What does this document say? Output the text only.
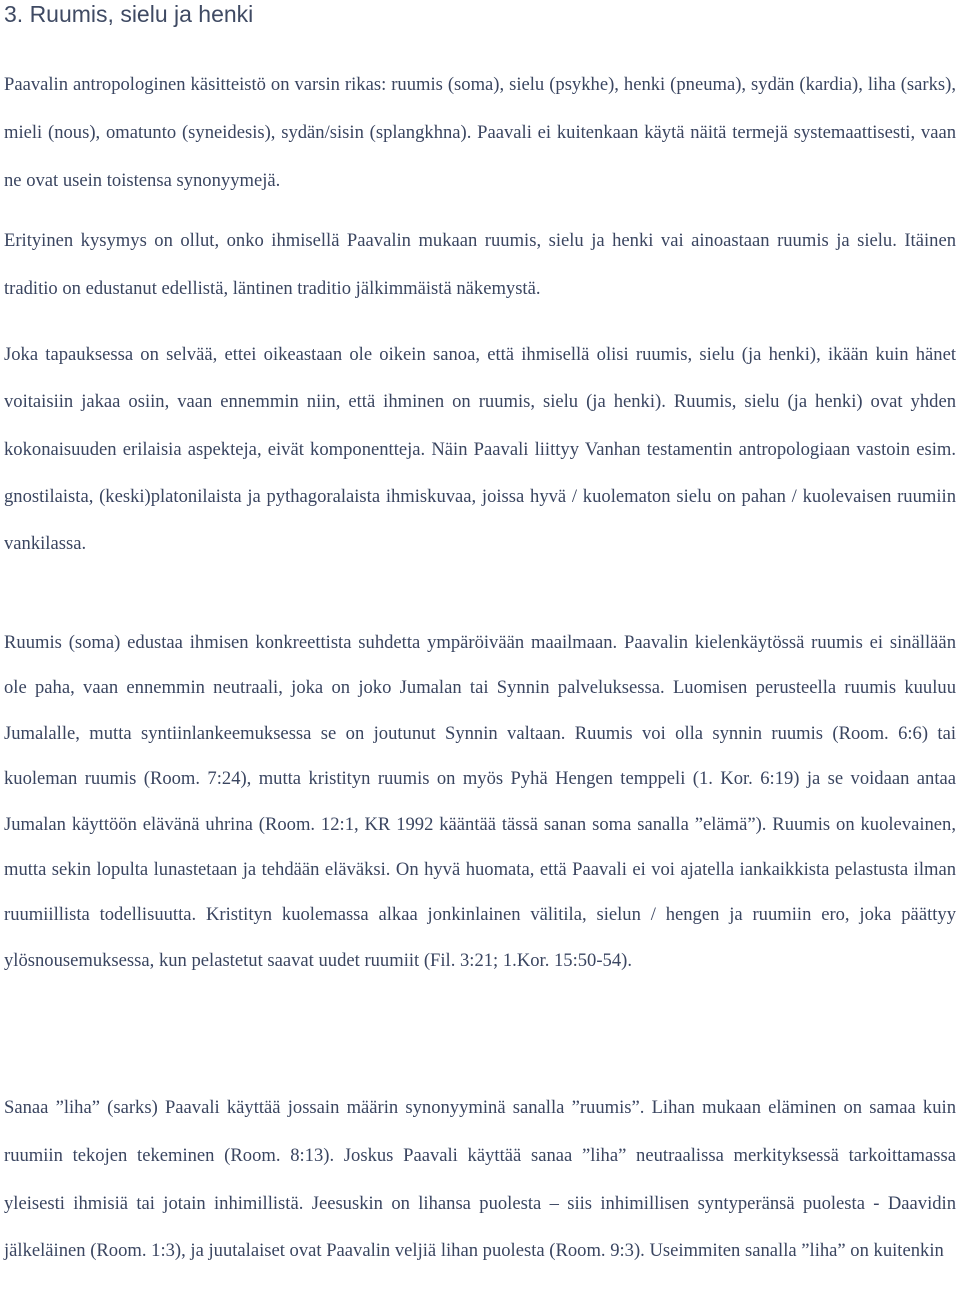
3. Ruumis, sielu ja henki

Paavalin antropologinen käsitteistö on varsin rikas: ruumis (soma), sielu (psykhe), henki (pneuma), sydän (kardia), liha (sarks), mieli (nous), omatunto (syneidesis), sydän/sisin (splangkhna). Paavali ei kuitenkaan käytä näitä termejä systemaattisesti, vaan ne ovat usein toistensa synonyymejä.

Erityinen kysymys on ollut, onko ihmisellä Paavalin mukaan ruumis, sielu ja henki vai ainoastaan ruumis ja sielu. Itäinen traditio on edustanut edellistä, läntinen traditio jälkimmäistä näkemystä.

Joka tapauksessa on selvää, ettei oikeastaan ole oikein sanoa, että ihmisellä olisi ruumis, sielu (ja henki), ikään kuin hänet voitaisiin jakaa osiin, vaan ennemmin niin, että ihminen on ruumis, sielu (ja henki). Ruumis, sielu (ja henki) ovat yhden kokonaisuuden erilaisia aspekteja, eivät komponentteja. Näin Paavali liittyy Vanhan testamentin antropologiaan vastoin esim. gnostilaista, (keski)platonilaista ja pythagoralaista ihmiskuvaa, joissa hyvä / kuolematon sielu on pahan / kuolevaisen ruumiin vankilassa.

Ruumis (soma) edustaa ihmisen konkreettista suhdetta ympäröivään maailmaan. Paavalin kielenkäytössä ruumis ei sinällään ole paha, vaan ennemmin neutraali, joka on joko Jumalan tai Synnin palveluksessa. Luomisen perusteella ruumis kuuluu Jumalalle, mutta syntiinlankeemuksessa se on joutunut Synnin valtaan. Ruumis voi olla synnin ruumis (Room. 6:6) tai kuoleman ruumis (Room. 7:24), mutta kristityn ruumis on myös Pyhä Hengen temppeli (1. Kor. 6:19) ja se voidaan antaa Jumalan käyttöön elävänä uhrina (Room. 12:1, KR 1992 kääntää tässä sanan soma sanalla ”elämä”). Ruumis on kuolevainen, mutta sekin lopulta lunastetaan ja tehdään eläväksi. On hyvä huomata, että Paavali ei voi ajatella iankaikkista pelastusta ilman ruumiillista todellisuutta. Kristityn kuolemassa alkaa jonkinlainen välitila, sielun / hengen ja ruumiin ero, joka päättyy ylösnousemuksessa, kun pelastetut saavat uudet ruumiit (Fil. 3:21; 1.Kor. 15:50-54).

Sanaa ”liha” (sarks) Paavali käyttää jossain määrin synonyyminä sanalla ”ruumis”. Lihan mukaan eläminen on samaa kuin ruumiin tekojen tekeminen (Room. 8:13). Joskus Paavali käyttää sanaa ”liha” neutraalissa merkityksessä tarkoittamassa yleisesti ihmisiä tai jotain inhimillistä. Jeesuskin on lihansa puolesta – siis inhimillisen syntyperänsä puolesta - Daavidin jälkeläinen (Room. 1:3), ja juutalaiset ovat Paavalin veljiä lihan puolesta (Room. 9:3). Useimmiten sanalla ”liha” on kuitenkin
